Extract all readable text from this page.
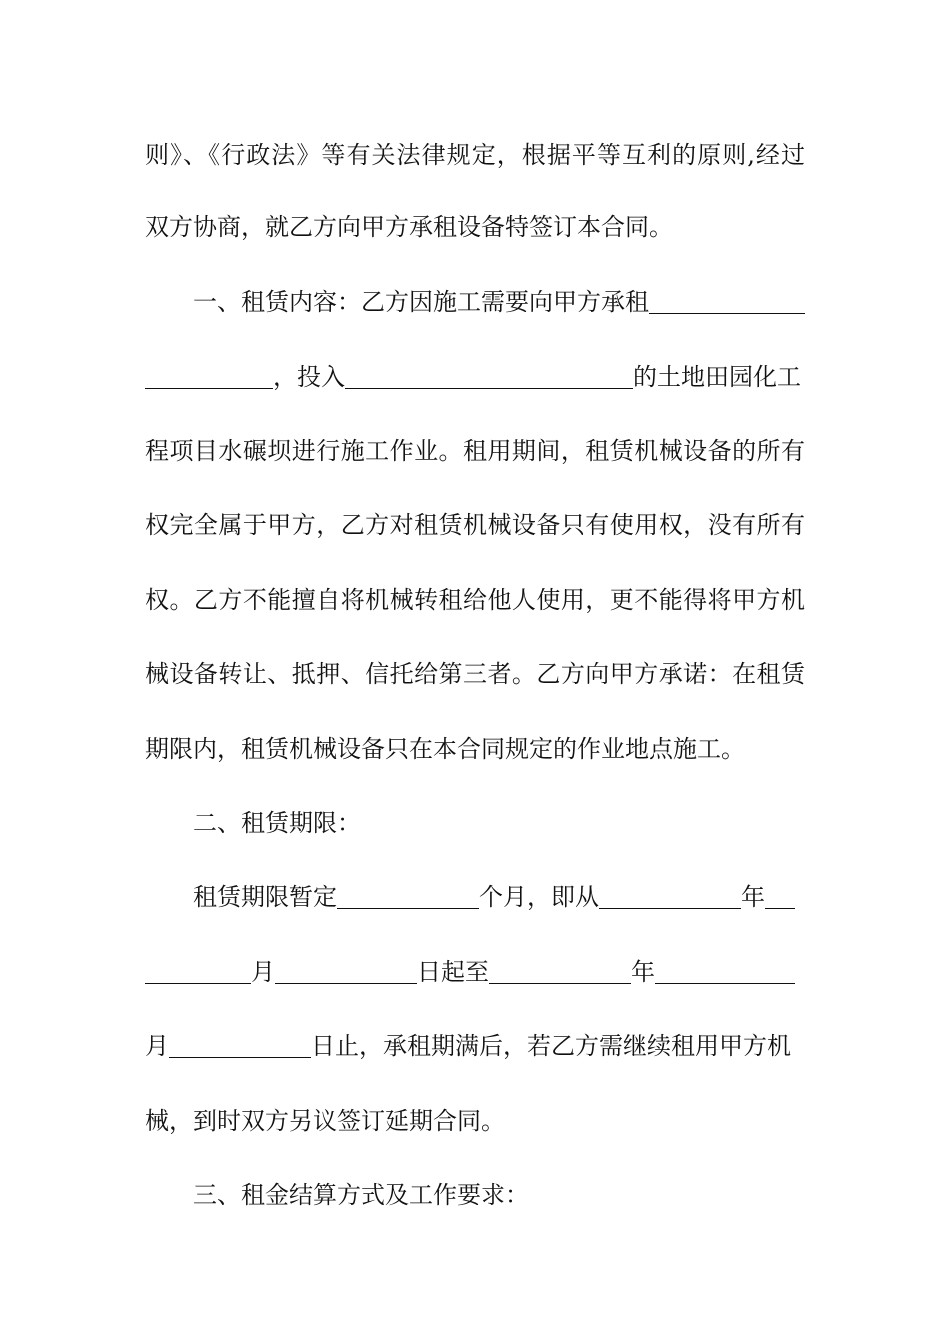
则》、《行政法》等有关法律规定，根据平等互利的原则,经过
双方协商，就乙方向甲方承租设备特签订本合同。
一、租赁内容：乙方因施工需要向甲方承租
，投入	的土地田园化工
程项目水碾坝进行施工作业。租用期间，租赁机械设备的所有
权完全属于甲方，乙方对租赁机械设备只有使用权，没有所有
权。乙方不能擅自将机械转租给他人使用，更不能得将甲方机
械设备转让、抵押、信托给第三者。乙方向甲方承诺：在租赁
期限内，租赁机械设备只在本合同规定的作业地点施工。
二、租赁期限：
租赁期限暂定	个月，即从	年
月	日起至	年
月	日止，承租期满后，若乙方需继续租用甲方机
械，到时双方另议签订延期合同。
三、租金结算方式及工作要求：
